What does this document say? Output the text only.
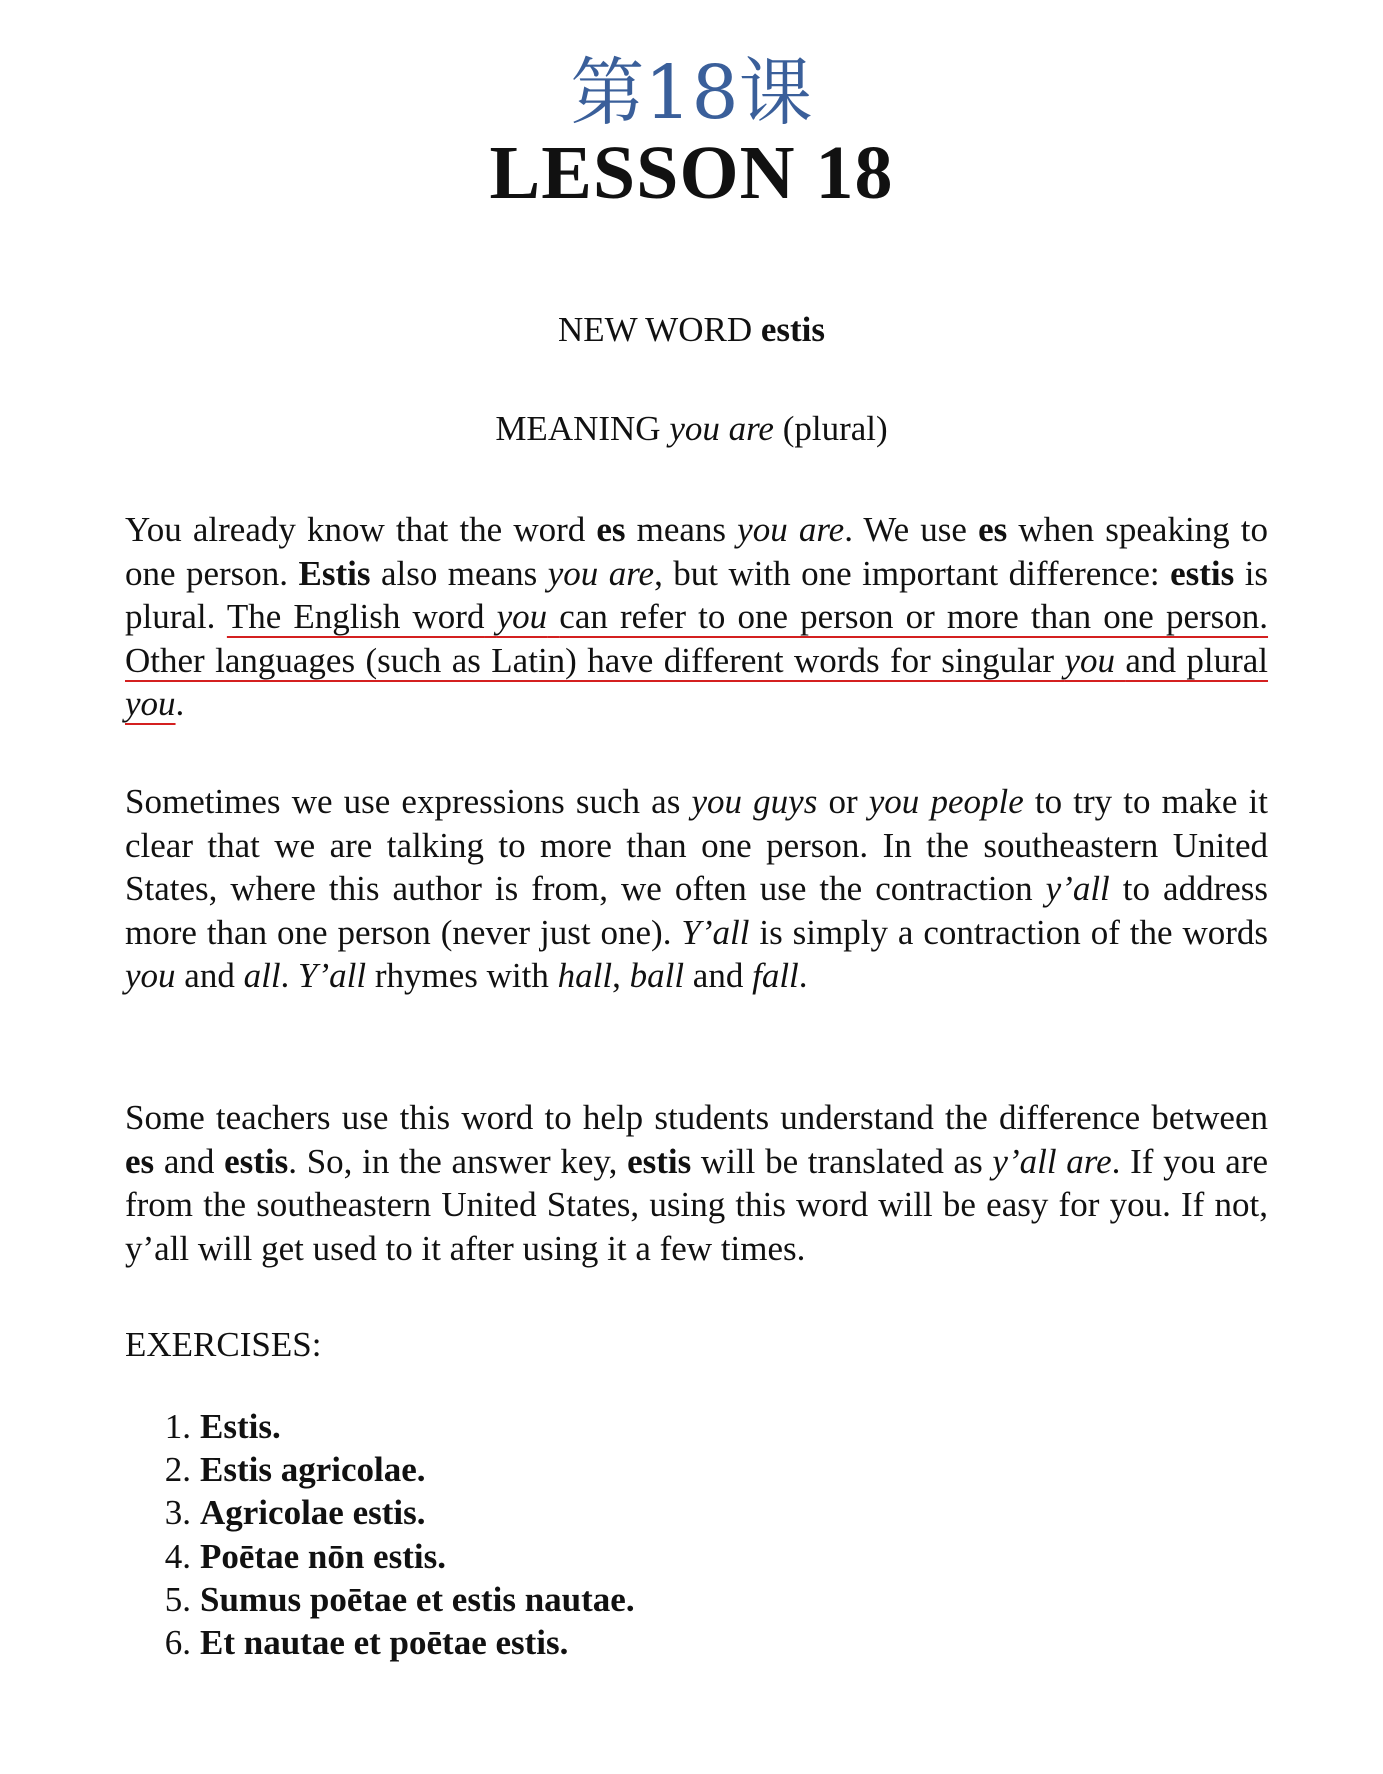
第18课
LESSON 18
NEW WORD estis
MEANING you are (plural)

You already know that the word es means you are. We use es when speaking to one person. Estis also means you are, but with one important difference: estis is plural. The English word you can refer to one person or more than one person. Other languages (such as Latin) have different words for singular you and plural you.

Sometimes we use expressions such as you guys or you people to try to make it clear that we are talking to more than one person. In the southeastern United States, where this author is from, we often use the contraction y’all to address more than one person (never just one). Y’all is simply a contraction of the words you and all. Y’all rhymes with hall, ball and fall.

Some teachers use this word to help students understand the difference between es and estis. So, in the answer key, estis will be translated as y’all are. If you are from the southeastern United States, using this word will be easy for you. If not, y’all will get used to it after using it a few times.

EXERCISES:
1. Estis.
2. Estis agricolae.
3. Agricolae estis.
4. Poētae nōn estis.
5. Sumus poētae et estis nautae.
6. Et nautae et poētae estis.
